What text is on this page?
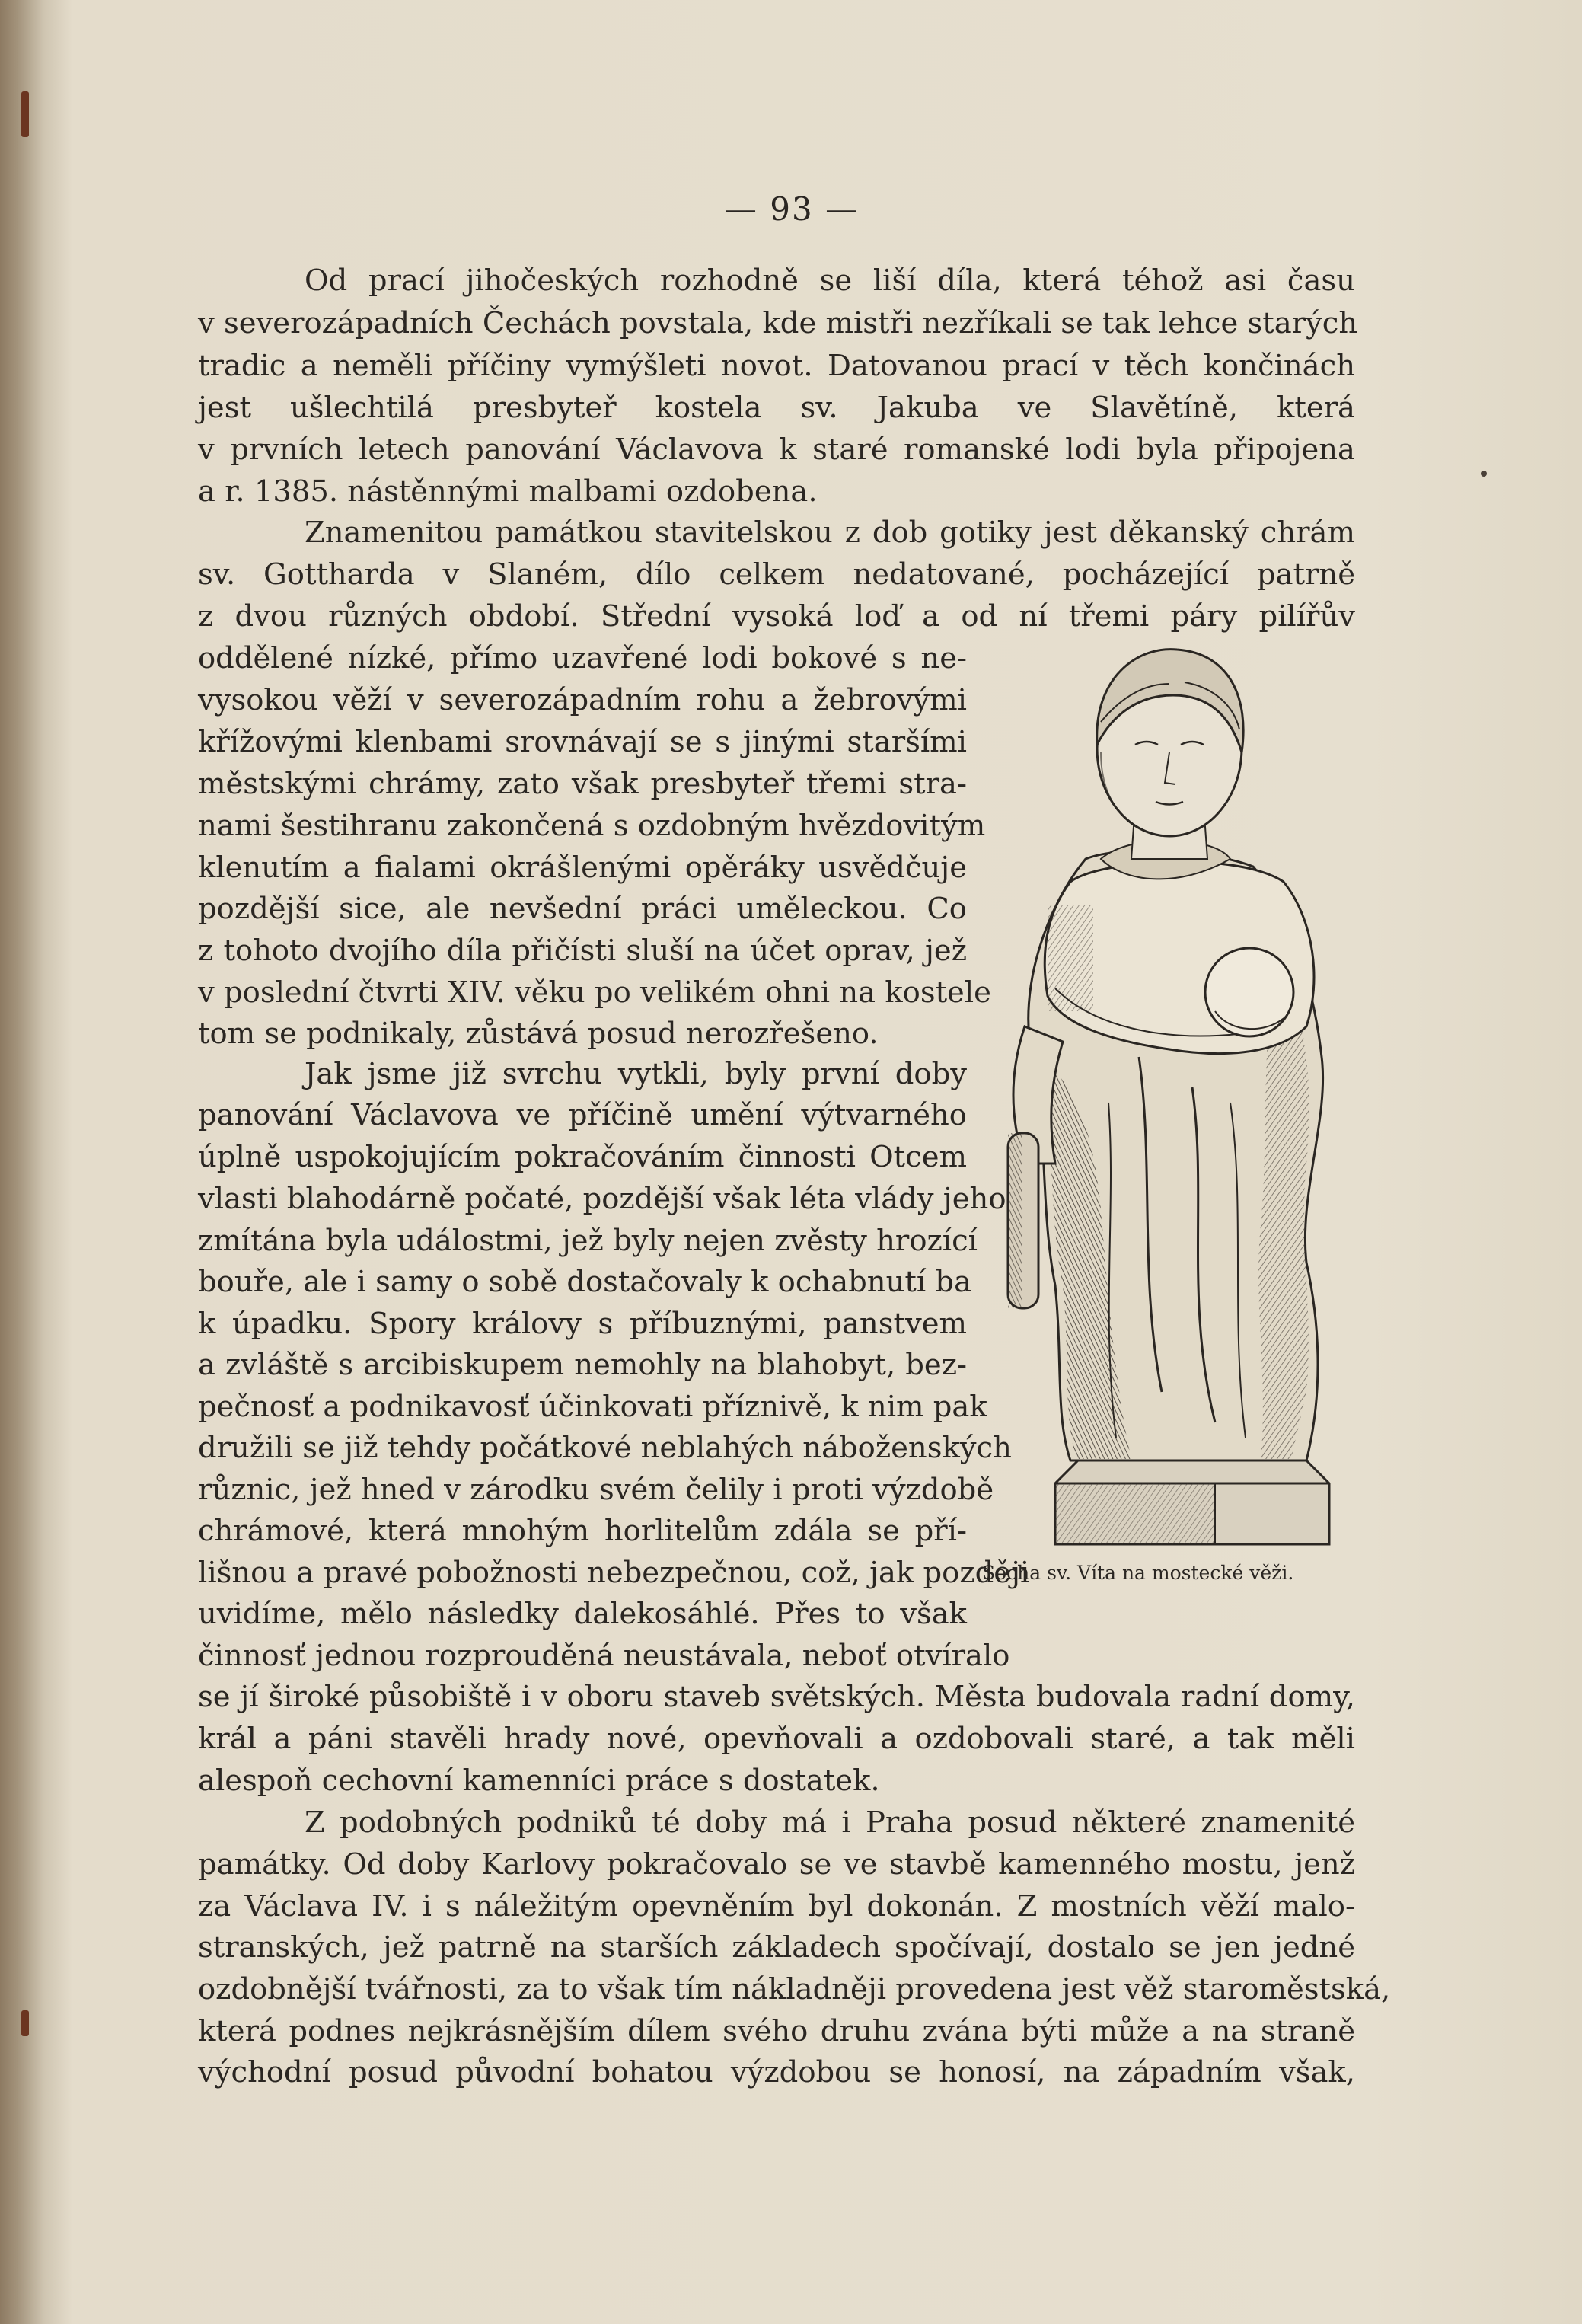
— 93 —
Od prací jihočeských rozhodně se liší díla, která téhož asi času
v severozápadních Čechách povstala, kde mistři nezříkali se tak lehce starých
tradic a neměli příčiny vymýšleti novot. Datovanou prací v těch končinách
jest ušlechtilá presbyteř kostela sv. Jakuba ve Slavětíně, která
v prvních letech panování Václavova k staré romanské lodi byla připojena
a r. 1385. nástěnnými malbami ozdobena.
Znamenitou památkou stavitelskou z dob gotiky jest děkanský chrám
sv. Gottharda v Slaném, dílo celkem nedatované, pocházející patrně
z dvou různých období. Střední vysoká loď a od ní třemi páry pilířův
oddělené nízké, přímo uzavřené lodi bokové s ne-
vysokou věží v severozápadním rohu a žebrovými
křížovými klenbami srovnávají se s jinými staršími
městskými chrámy, zato však presbyteř třemi stra-
nami šestihranu zakončená s ozdobným hvězdovitým
klenutím a fialami okrášlenými opěráky usvědčuje
pozdější sice, ale nevšední práci uměleckou. Co
z tohoto dvojího díla přičísti sluší na účet oprav, jež
v poslední čtvrti XIV. věku po velikém ohni na kostele
tom se podnikaly, zůstává posud nerozřešeno.
Jak jsme již svrchu vytkli, byly první doby
panování Václavova ve příčině umění výtvarného
úplně uspokojujícím pokračováním činnosti Otcem
vlasti blahodárně počaté, pozdější však léta vlády jeho
zmítána byla událostmi, jež byly nejen zvěsty hrozící
bouře, ale i samy o sobě dostačovaly k ochabnutí ba
k úpadku. Spory královy s příbuznými, panstvem
a zvláště s arcibiskupem nemohly na blahobyt, bez-
pečnosť a podnikavosť účinkovati příznivě, k nim pak
družili se již tehdy počátkové neblahých náboženských
různic, jež hned v zárodku svém čelily i proti výzdobě
chrámové, která mnohým horlitelům zdála se pří-
lišnou a pravé pobožnosti nebezpečnou, což, jak později
uvidíme, mělo následky dalekosáhlé. Přes to však
činnosť jednou rozprouděná neustávala, neboť otvíralo
se jí široké působiště i v oboru staveb světských. Města budovala radní domy,
král a páni stavěli hrady nové, opevňovali a ozdobovali staré, a tak měli
alespoň cechovní kamenníci práce s dostatek.
Z podobných podniků té doby má i Praha posud některé znamenité
památky. Od doby Karlovy pokračovalo se ve stavbě kamenného mostu, jenž
za Václava IV. i s náležitým opevněním byl dokonán. Z mostních věží malo-
stranských, jež patrně na starších základech spočívají, dostalo se jen jedné
ozdobnější tvářnosti, za to však tím nákladněji provedena jest věž staroměstská,
která podnes nejkrásnějším dílem svého druhu zvána býti může a na straně
východní posud původní bohatou výzdobou se honosí, na západním však,
Socha sv. Víta na mostecké věži.
